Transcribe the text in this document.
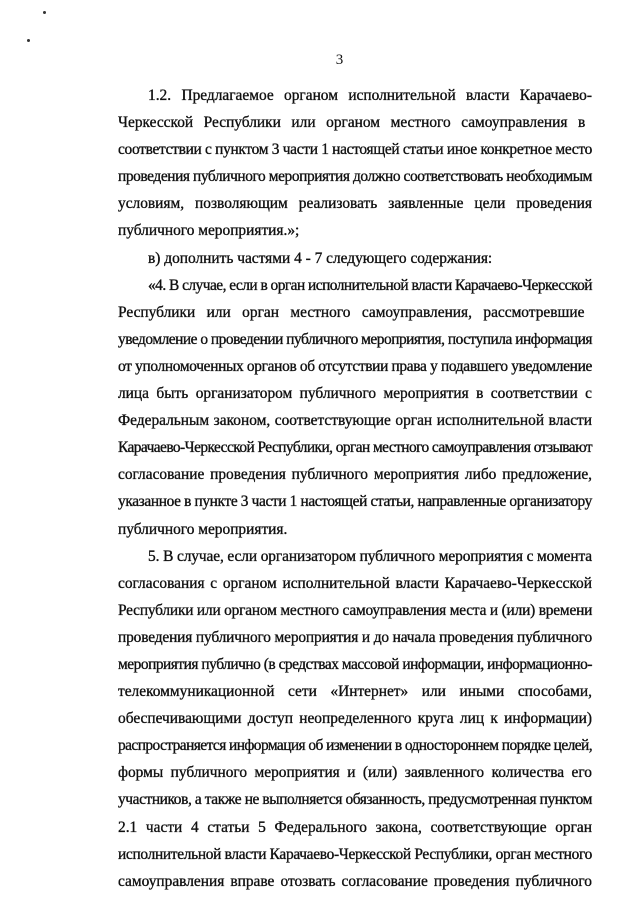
3
1.2. Предлагаемое органом исполнительной власти Карачаево-
Черкесской Республики или органом местного самоуправления в
соответствии с пунктом 3 части 1 настоящей статьи иное конкретное место
проведения публичного мероприятия должно соответствовать необходимым
условиям, позволяющим реализовать заявленные цели проведения
публичного мероприятия.»;
в) дополнить частями 4 - 7 следующего содержания:
«4. В случае, если в орган исполнительной власти Карачаево-Черкесской
Республики или орган местного самоуправления, рассмотревшие
уведомление о проведении публичного мероприятия, поступила информация
от уполномоченных органов об отсутствии права у подавшего уведомление
лица быть организатором публичного мероприятия в соответствии с
Федеральным законом, соответствующие орган исполнительной власти
Карачаево-Черкесской Республики, орган местного самоуправления отзывают
согласование проведения публичного мероприятия либо предложение,
указанное в пункте 3 части 1 настоящей статьи, направленные организатору
публичного мероприятия.
5. В случае, если организатором публичного мероприятия с момента
согласования с органом исполнительной власти Карачаево-Черкесской
Республики или органом местного самоуправления места и (или) времени
проведения публичного мероприятия и до начала проведения публичного
мероприятия публично (в средствах массовой информации, информационно-
телекоммуникационной сети «Интернет» или иными способами,
обеспечивающими доступ неопределенного круга лиц к информации)
распространяется информация об изменении в одностороннем порядке целей,
формы публичного мероприятия и (или) заявленного количества его
участников, а также не выполняется обязанность, предусмотренная пунктом
2.1 части 4 статьи 5 Федерального закона, соответствующие орган
исполнительной власти Карачаево-Черкесской Республики, орган местного
самоуправления вправе отозвать согласование проведения публичного
